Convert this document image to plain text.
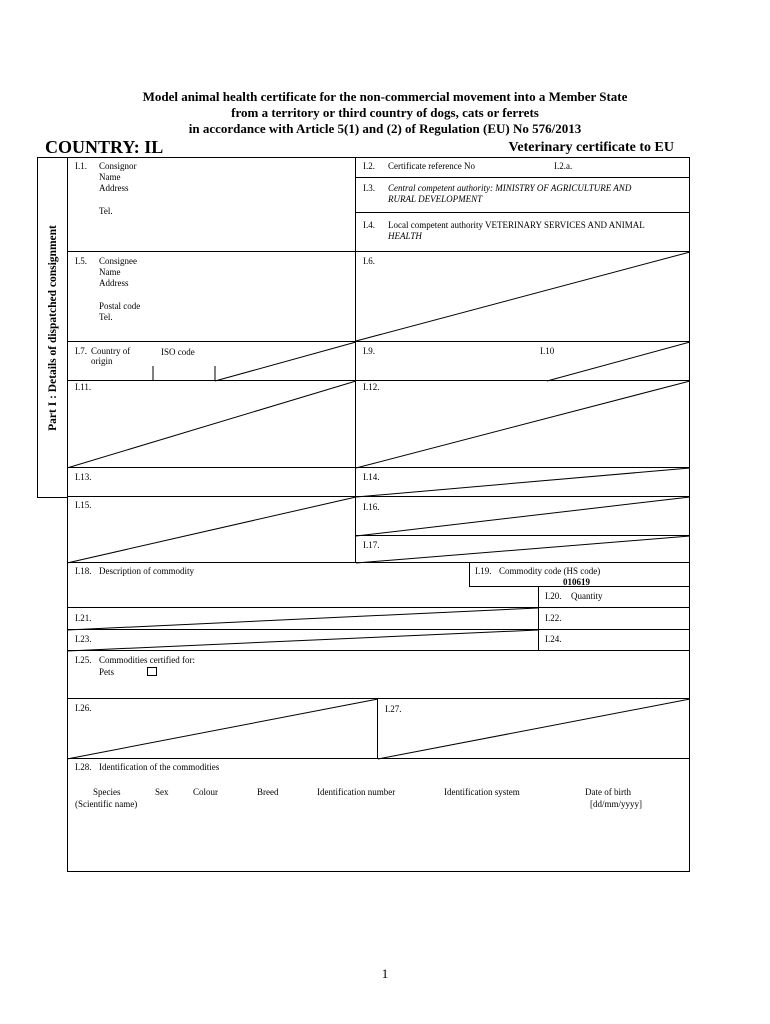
Model animal health certificate for the non-commercial movement into a Member State
from a territory or third country of dogs, cats or ferrets
in accordance with Article 5(1) and (2) of Regulation (EU) No 576/2013
COUNTRY: IL	Veterinary certificate to EU
Part I : Details of dispatched consignment
I.1. Consignor
Name
Address
Tel.
I.2. Certificate reference No	I.2.a.
I.3. Central competent authority: MINISTRY OF AGRICULTURE AND
RURAL DEVELOPMENT
I.4. Local competent authority VETERINARY SERVICES AND ANIMAL
HEALTH
I.5. Consignee
Name
Address
Postal code
Tel.
I.6.
I.7. Country of
origin
ISO code	I.9.	I.10
I.11.	I.12.
I.13.	I.14.
I.15.	I.16.
I.17.
I.18. Description of commodity	I.19. Commodity code (HS code)
010619
I.20. Quantity
I.21.	I.22.
I.23.	I.24.
I.25. Commodities certified for:
Pets
I.26.	I.27.
I.28. Identification of the commodities
Species
(Scientific name)
Sex	Colour	Breed	Identification number	Identification system	Date of birth
[dd/mm/yyyy]
1
